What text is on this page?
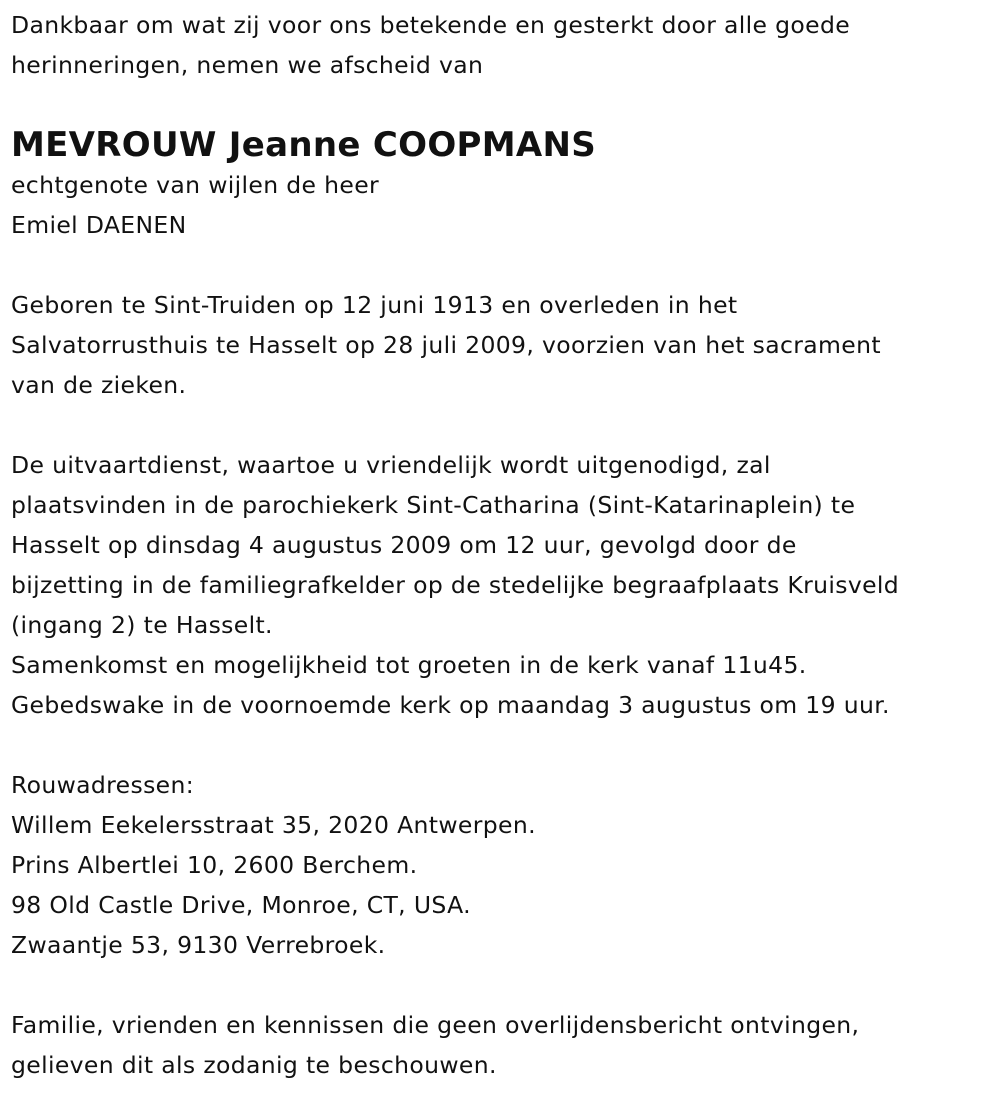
Dankbaar om wat zij voor ons betekende en gesterkt door alle goede
herinneringen, nemen we afscheid van
MEVROUW Jeanne COOPMANS
echtgenote van wijlen de heer
Emiel DAENEN
Geboren te Sint-Truiden op 12 juni 1913 en overleden in het
Salvatorrusthuis te Hasselt op 28 juli 2009, voorzien van het sacrament
van de zieken.
De uitvaartdienst, waartoe u vriendelijk wordt uitgenodigd, zal
plaatsvinden in de parochiekerk Sint-Catharina (Sint-Katarinaplein) te
Hasselt op dinsdag 4 augustus 2009 om 12 uur, gevolgd door de
bijzetting in de familiegrafkelder op de stedelijke begraafplaats Kruisveld
(ingang 2) te Hasselt.
Samenkomst en mogelijkheid tot groeten in de kerk vanaf 11u45.
Gebedswake in de voornoemde kerk op maandag 3 augustus om 19 uur.
Rouwadressen:
Willem Eekelersstraat 35, 2020 Antwerpen.
Prins Albertlei 10, 2600 Berchem.
98 Old Castle Drive, Monroe, CT, USA.
Zwaantje 53, 9130 Verrebroek.
Familie, vrienden en kennissen die geen overlijdensbericht ontvingen,
gelieven dit als zodanig te beschouwen.
